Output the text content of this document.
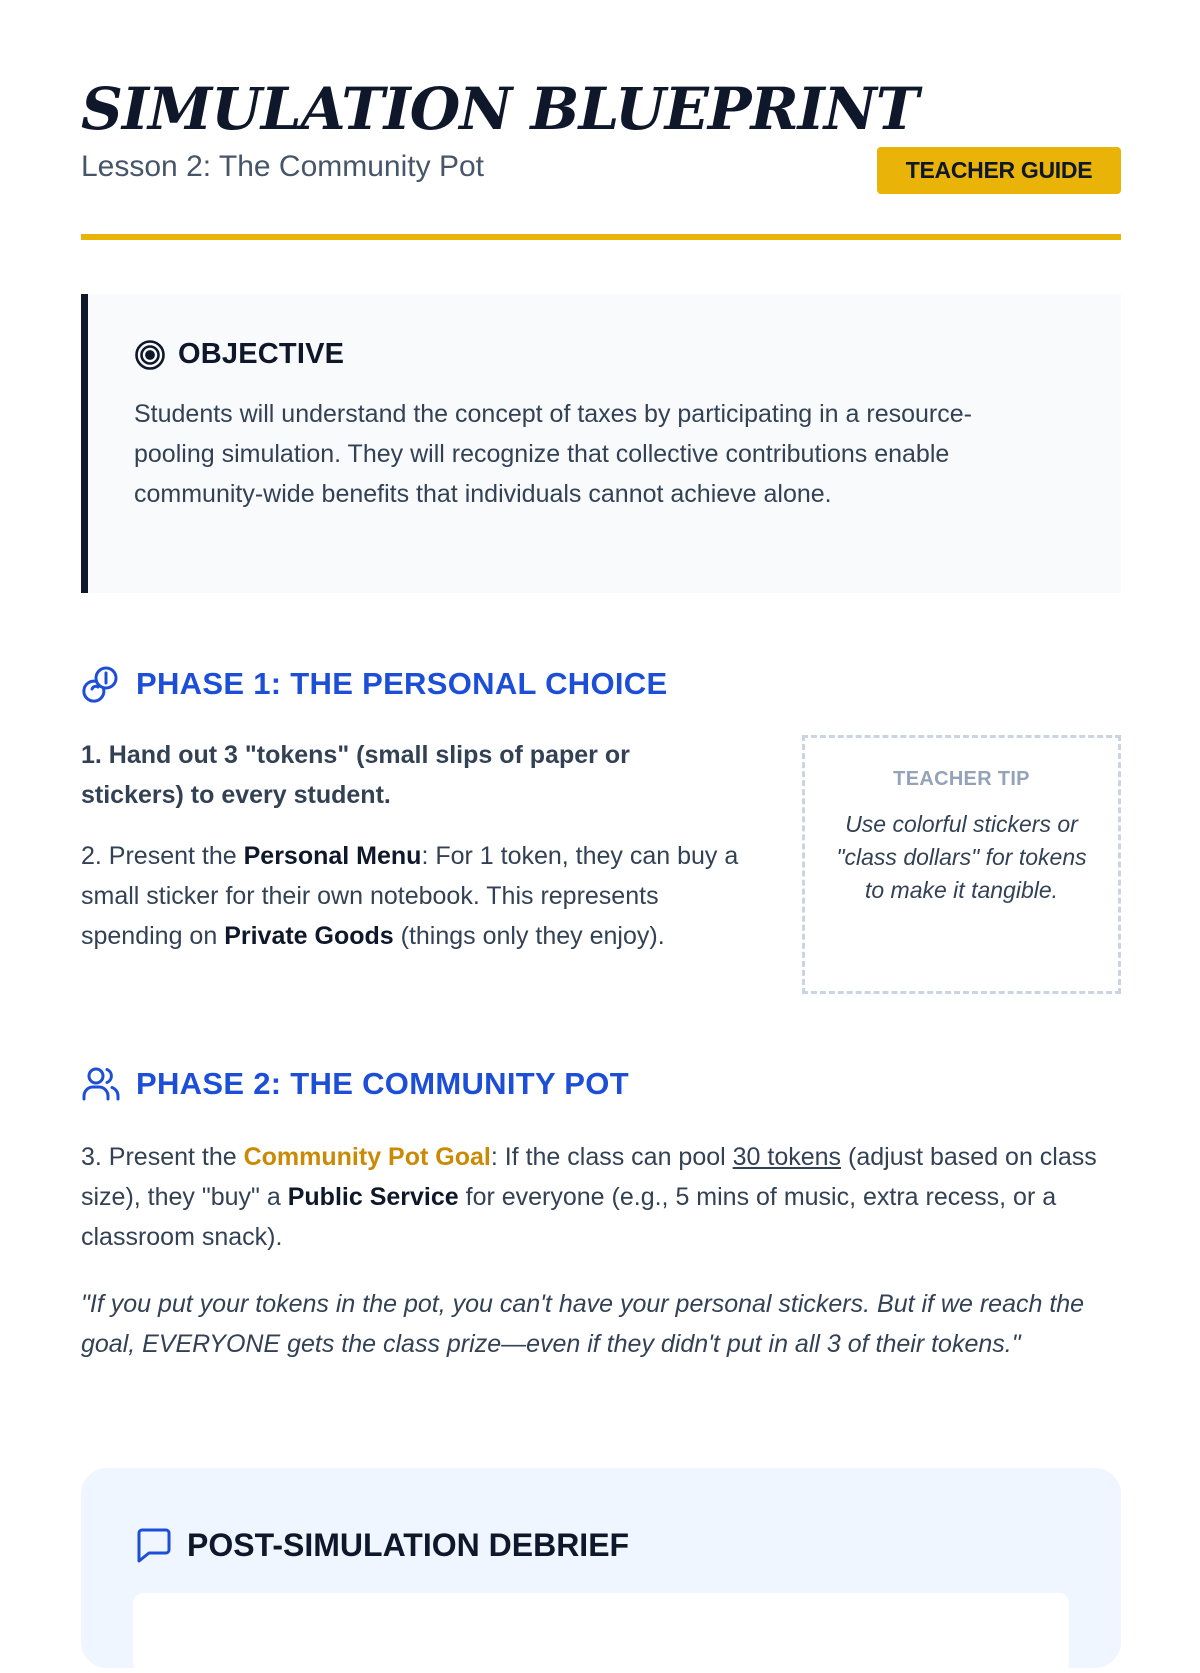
SIMULATION BLUEPRINT
Lesson 2: The Community Pot	TEACHER GUIDE
OBJECTIVE

Students will understand the concept of taxes by participating in a resource-pooling simulation. They will recognize that collective contributions enable community-wide benefits that individuals cannot achieve alone.

PHASE 1: THE PERSONAL CHOICE

1. Hand out 3 "tokens" (small slips of paper or stickers) to every student.

2. Present the Personal Menu: For 1 token, they can buy a small sticker for their own notebook. This represents spending on Private Goods (things only they enjoy).

TEACHER TIP
Use colorful stickers or "class dollars" for tokens to make it tangible.
PHASE 2: THE COMMUNITY POT

3. Present the Community Pot Goal: If the class can pool 30 tokens (adjust based on class size), they "buy" a Public Service for everyone (e.g., 5 mins of music, extra recess, or a classroom snack).

"If you put your tokens in the pot, you can't have your personal stickers. But if we reach the goal, EVERYONE gets the class prize—even if they didn't put in all 3 of their tokens."

POST-SIMULATION DEBRIEF
